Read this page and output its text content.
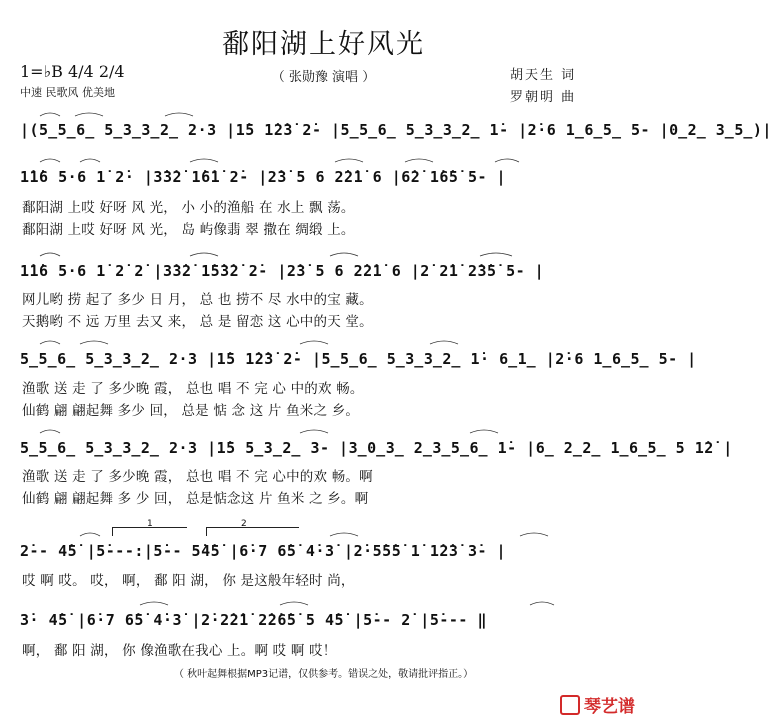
鄱阳湖上好风光
（ 张勋豫 演唱 ）
1=♭B 4/4 2/4
中速 民歌风 优美地
胡天生 词
罗朝明 曲
|(5̲5̲6̲ 5̲3̲3̲2̲ 2·3 |1̇5 1̇2̇3̇ 2̇- |5̲5̲6̲ 5̲3̲3̲2̲ 1̇- |2̇·6 1̲6̲5̲ 5- |0̲2̲ 3̲5̲)|
1̇1̇6 5·6 1̇ 2̇· |3̇3̇2̇ 1̇6̇1̇ 2̇- |2̇3̇ 5 6 2̇2̇1̇ 6 |6̇2̇ 1̇6̇5̇ 5- |
鄱阳湖 上哎 好呀 风 光， 小 小的渔船 在 水上 飘 荡。
鄱阳湖 上哎 好呀 风 光， 岛 屿像翡 翠 撒在 绸缎 上。
1̇1̇6 5·6 1̇ 2̇ 2̇ |3̇3̇2̇ 1̇5̇3̇2̇ 2̇- |2̇3̇ 5 6 2̇2̇1̇ 6 |2̇ 2̇1̇ 2̇3̇5̇ 5- |
网儿哟 捞 起了 多少 日 月， 总 也 捞不 尽 水中的宝 藏。
天鹅哟 不 远 万里 去又 来， 总 是 留恋 这 心中的天 堂。
5̲5̲6̲ 5̲3̲3̲2̲ 2·3 |1̇5 1̇2̇3̇ 2̇- |5̲5̲6̲ 5̲3̲3̲2̲ 1̇· 6̲1̲ |2̇·6 1̲6̲5̲ 5- |
渔歌 送 走 了 多少晚 霞， 总也 唱 不 完 心 中的欢 畅。
仙鹤 翩 翩起舞 多少 回， 总是 惦 念 这 片 鱼米之 乡。
5̲5̲6̲ 5̲3̲3̲2̲ 2·3 |1̇5 5̲3̲2̲ 3- |3̲0̲3̲ 2̲3̲5̲6̲ 1̇- |6̲ 2̲2̲ 1̲6̲5̲ 5 1̇2̇ |
渔歌 送 走 了 多少晚 霞， 总也 唱 不 完 心中的欢 畅。啊
仙鹤 翩 翩起舞 多 少 回， 总是惦念这 片 鱼米 之 乡。啊
1	2
2̇-- 4̇5̇ |5̇---:|5̇-- 5̇4̇5̇ |6̇·7 6̇5̇ 4̇·3̇ |2̇·5̇5̇5̇ 1̇ 1̇2̇3̇ 3̇- |
哎 啊 哎。 哎， 啊， 鄱 阳 湖， 你 是这般年轻时 尚，
3̇· 4̇5̇ |6̇·7 6̇5̇ 4̇·3̇ |2̇·2̇2̇1̇ 2̇2̇6̇5̇ 5 4̇5̇ |5̇-- 2̇ |5̇--- ‖
啊， 鄱 阳 湖， 你 像渔歌在我心 上。啊 哎 啊 哎！
（ 秋叶起舞根据MP3记谱，仅供参考。错误之处，敬请批评指正。）
琴艺谱
